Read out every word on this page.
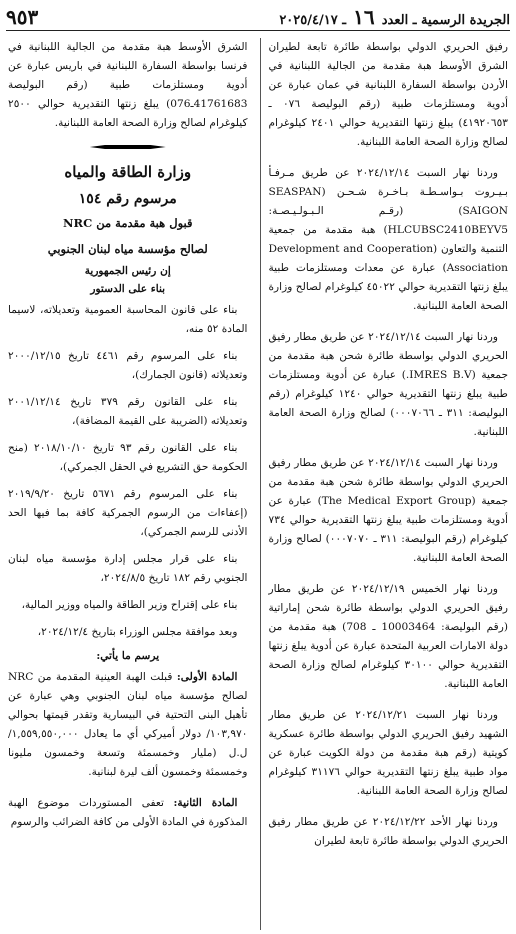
الجريدة الرسمية ـ العدد ١٦ ـ ٢٠٢٥/٤/١٧
٩٥٣

رفيق الحريري الدولي بواسطة طائرة تابعة لطيران الشرق الأوسط هبة مقدمة من الجالية اللبنانية في الأردن بواسطة السفارة اللبنانية في عمان عبارة عن أدوية ومستلزمات طبية (رقم البوليصة ٠٧٦ ـ ٤١٩٢٠٦٥٣) يبلغ زنتها التقديرية حوالي ٢٤٠١ كيلوغرام لصالح وزارة الصحة العامة اللبنانية.

وردنا نهار السبت ٢٠٢٤/١٢/١٤ عن طريق مـرفـأ بـيـروت بـواسـطـة بـاخـرة شـحـن (SEASPAN SAIGON) (رقـم الـبـولـيـصـة: HLCUBSC2410BEYV5) هبة مقدمة من جمعية التنمية والتعاون (Development and Cooperation Association) عبارة عن معدات ومستلزمات طبية يبلغ زنتها التقديرية حوالي ٤٥٠٢٢ كيلوغرام لصالح وزارة الصحة العامة اللبنانية.

وردنا نهار السبت ٢٠٢٤/١٢/١٤ عن طريق مطار رفيق الحريري الدولي بواسطة طائرة شحن هبة مقدمة من جمعية (IMRES B.V.) عبارة عن أدوية ومستلزمات طبية يبلغ زنتها التقديرية حوالي ١٢٤٠ كيلوغرام (رقم البوليصة: ٣١١ ـ ٠٠٠٧٠٦٦) لصالح وزارة الصحة العامة اللبنانية.

وردنا نهار السبت ٢٠٢٤/١٢/١٤ عن طريق مطار رفيق الحريري الدولي بواسطة طائرة شحن هبة مقدمة من جمعية (The Medical Export Group) عبارة عن أدوية ومستلزمات طبية يبلغ زنتها التقديرية حوالي ٧٣٤ كيلوغرام (رقم البوليصة: ٣١١ ـ ٠٠٠٧٠٧٠) لصالح وزارة الصحة العامة اللبنانية.

وردنا نهار الخميس ٢٠٢٤/١٢/١٩ عن طريق مطار رفيق الحريري الدولي بواسطة طائرة شحن إماراتية (رقم البوليصة: 10003464 ـ 708) هبة مقدمة من دولة الامارات العربية المتحدة عبارة عن أدوية يبلغ زنتها التقديرية حوالي ٣٠١٠٠ كيلوغرام لصالح وزارة الصحة العامة اللبنانية.

وردنا نهار السبت ٢٠٢٤/١٢/٢١ عن طريق مطار الشهيد رفيق الحريري الدولي بواسطة طائرة عسكرية كويتية (رقم هبة مقدمة من دولة الكويت عبارة عن مواد طبية يبلغ زنتها التقديرية حوالي ٣١١٧٦ كيلوغرام لصالح وزارة الصحة العامة اللبنانية.

وردنا نهار الأحد ٢٠٢٤/١٢/٢٢ عن طريق مطار رفيق الحريري الدولي بواسطة طائرة تابعة لطيران

الشرق الأوسط هبة مقدمة من الجالية اللبنانية في فرنسا بواسطة السفارة اللبنانية في باريس عبارة عن أدوية ومستلزمات طبية (رقم البوليصة 41761683ـ076) يبلغ زنتها التقديرية حوالي ٢٥٠٠ كيلوغرام لصالح وزارة الصحة العامة اللبنانية.

وزارة الطاقة والمياه
مرسوم رقم ١٥٤
قبول هبة مقدمة من NRC
لصالح مؤسسة مياه لبنان الجنوبي
إن رئيس الجمهورية
بناء على الدستور

بناء على قانون المحاسبة العمومية وتعديلاته، لاسيما المادة ٥٢ منه،

بناء على المرسوم رقم ٤٤٦١ تاريخ ٢٠٠٠/١٢/١٥ وتعديلاته (قانون الجمارك)،

بناء على القانون رقم ٣٧٩ تاريخ ٢٠٠١/١٢/١٤ وتعديلاته (الضريبة على القيمة المضافة)،

بناء على القانون رقم ٩٣ تاريخ ٢٠١٨/١٠/١٠ (منح الحكومة حق التشريع في الحقل الجمركي)،

بناء على المرسوم رقم ٥٦٧١ تاريخ ٢٠١٩/٩/٢٠ (إعفاءات من الرسوم الجمركية كافة بما فيها الحد الأدنى للرسم الجمركي)،

بناء على قرار مجلس إدارة مؤسسة مياه لبنان الجنوبي رقم ١٨٢ تاريخ ٢٠٢٤/٨/٥،

بناء على إقتراح وزير الطاقة والمياه ووزير المالية،

وبعد موافقة مجلس الوزراء بتاريخ ٢٠٢٤/١٢/٤،

يرسم ما يأتي:

المادة الأولى: قبلت الهبة العينية المقدمة من NRC لصالح مؤسسة مياه لبنان الجنوبي وهي عبارة عن تأهيل البنى التحتية في البيسارية وتقدر قيمتها بحوالي ١٠٣,٩٧٠/ دولار أميركي أي ما يعادل ١,٥٥٩,٥٥٠,٠٠٠/ل.ل (مليار وخمسمئة وتسعة وخمسون مليونا وخمسمئة وخمسون ألف ليرة لبنانية.

المادة الثانية: تعفى المستوردات موضوع الهبة المذكورة في المادة الأولى من كافة الضرائب والرسوم
